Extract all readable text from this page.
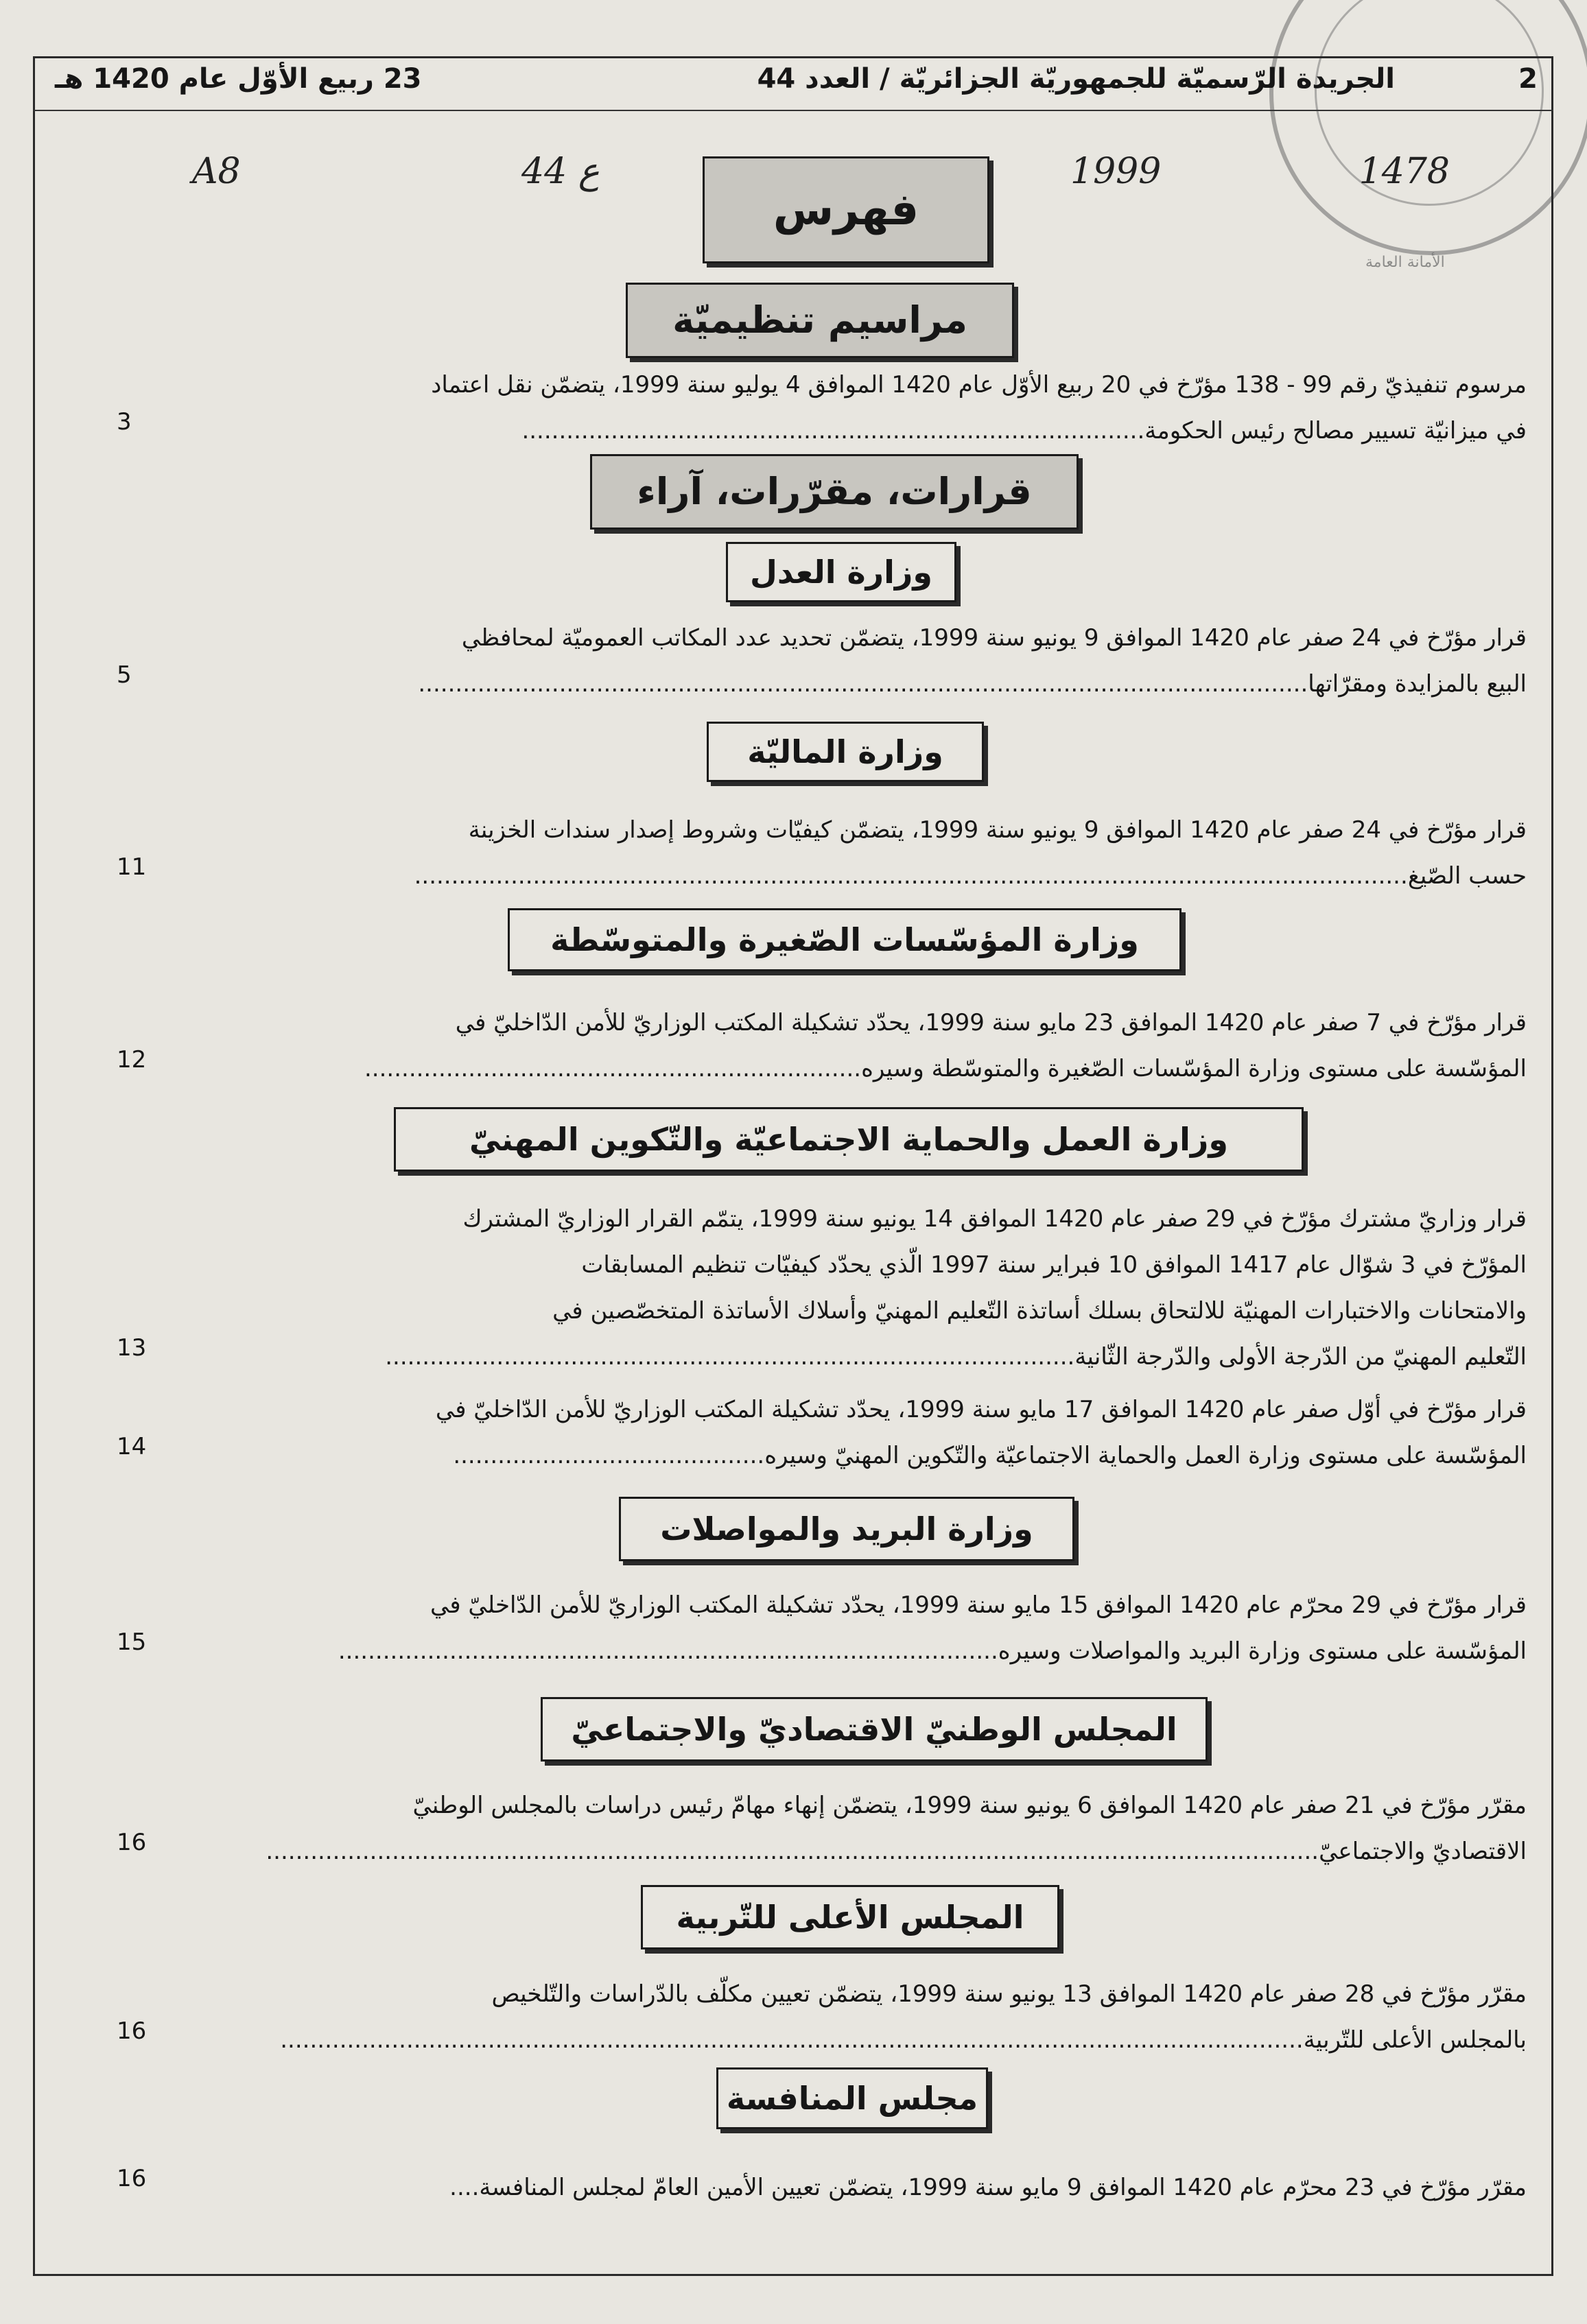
الأمانة العامة
2
الجريدة الرّسميّة للجمهوريّة الجزائريّة / العدد 44
23 ربيع الأوّل عام 1420 هـ
1478
1999
ع 44
A8
فهرس
مراسيم تنظيميّة

مرسوم تنفيذيّ رقم 99 - 138 مؤرّخ في 20 ربيع الأوّل عام 1420 الموافق 4 يوليو سنة 1999، يتضمّن نقل اعتماد

في ميزانيّة تسيير مصالح رئيس الحكومة....................................................................................

3
قرارات، مقرّرات، آراء
وزارة العدل

قرار مؤرّخ في 24 صفر عام 1420 الموافق 9 يونيو سنة 1999، يتضمّن تحديد عدد المكاتب العموميّة لمحافظي

البيع بالمزايدة ومقرّاتها........................................................................................................................

5
وزارة الماليّة

قرار مؤرّخ في 24 صفر عام 1420 الموافق 9 يونيو سنة 1999، يتضمّن كيفيّات وشروط إصدار سندات الخزينة

حسب الصّيغ......................................................................................................................................

11
وزارة المؤسّسات الصّغيرة والمتوسّطة

قرار مؤرّخ في 7 صفر عام 1420 الموافق 23 مايو سنة 1999، يحدّد تشكيلة المكتب الوزاريّ للأمن الدّاخليّ في

المؤسّسة على مستوى وزارة المؤسّسات الصّغيرة والمتوسّطة وسيره...................................................................

12
وزارة العمل والحماية الاجتماعيّة والتّكوين المهنيّ

قرار وزاريّ مشترك مؤرّخ في 29 صفر عام 1420 الموافق 14 يونيو سنة 1999، يتمّم القرار الوزاريّ المشترك

المؤرّخ في 3 شوّال عام 1417 الموافق 10 فبراير سنة 1997 الّذي يحدّد كيفيّات تنظيم المسابقات

والامتحانات والاختبارات المهنيّة للالتحاق بسلك أساتذة التّعليم المهنيّ وأسلاك الأساتذة المتخصّصين في

التّعليم المهنيّ من الدّرجة الأولى والدّرجة الثّانية.............................................................................................

13

قرار مؤرّخ في أوّل صفر عام 1420 الموافق 17 مايو سنة 1999، يحدّد تشكيلة المكتب الوزاريّ للأمن الدّاخليّ في

المؤسّسة على مستوى وزارة العمل والحماية الاجتماعيّة والتّكوين المهنيّ وسيره..........................................

14
وزارة البريد والمواصلات

قرار مؤرّخ في 29 محرّم عام 1420 الموافق 15 مايو سنة 1999، يحدّد تشكيلة المكتب الوزاريّ للأمن الدّاخليّ في

المؤسّسة على مستوى وزارة البريد والمواصلات وسيره.........................................................................................

15
المجلس الوطنيّ الاقتصاديّ والاجتماعيّ

مقرّر مؤرّخ في 21 صفر عام 1420 الموافق 6 يونيو سنة 1999، يتضمّن إنهاء مهامّ رئيس دراسات بالمجلس الوطنيّ

الاقتصاديّ والاجتماعيّ..............................................................................................................................................

16
المجلس الأعلى للتّربية

مقرّر مؤرّخ في 28 صفر عام 1420 الموافق 13 يونيو سنة 1999، يتضمّن تعيين مكلّف بالدّراسات والتّلخيص

بالمجلس الأعلى للتّربية..........................................................................................................................................

16
مجلس المنافسة

مقرّر مؤرّخ في 23 محرّم عام 1420 الموافق 9 مايو سنة 1999، يتضمّن تعيين الأمين العامّ لمجلس المنافسة....

16
